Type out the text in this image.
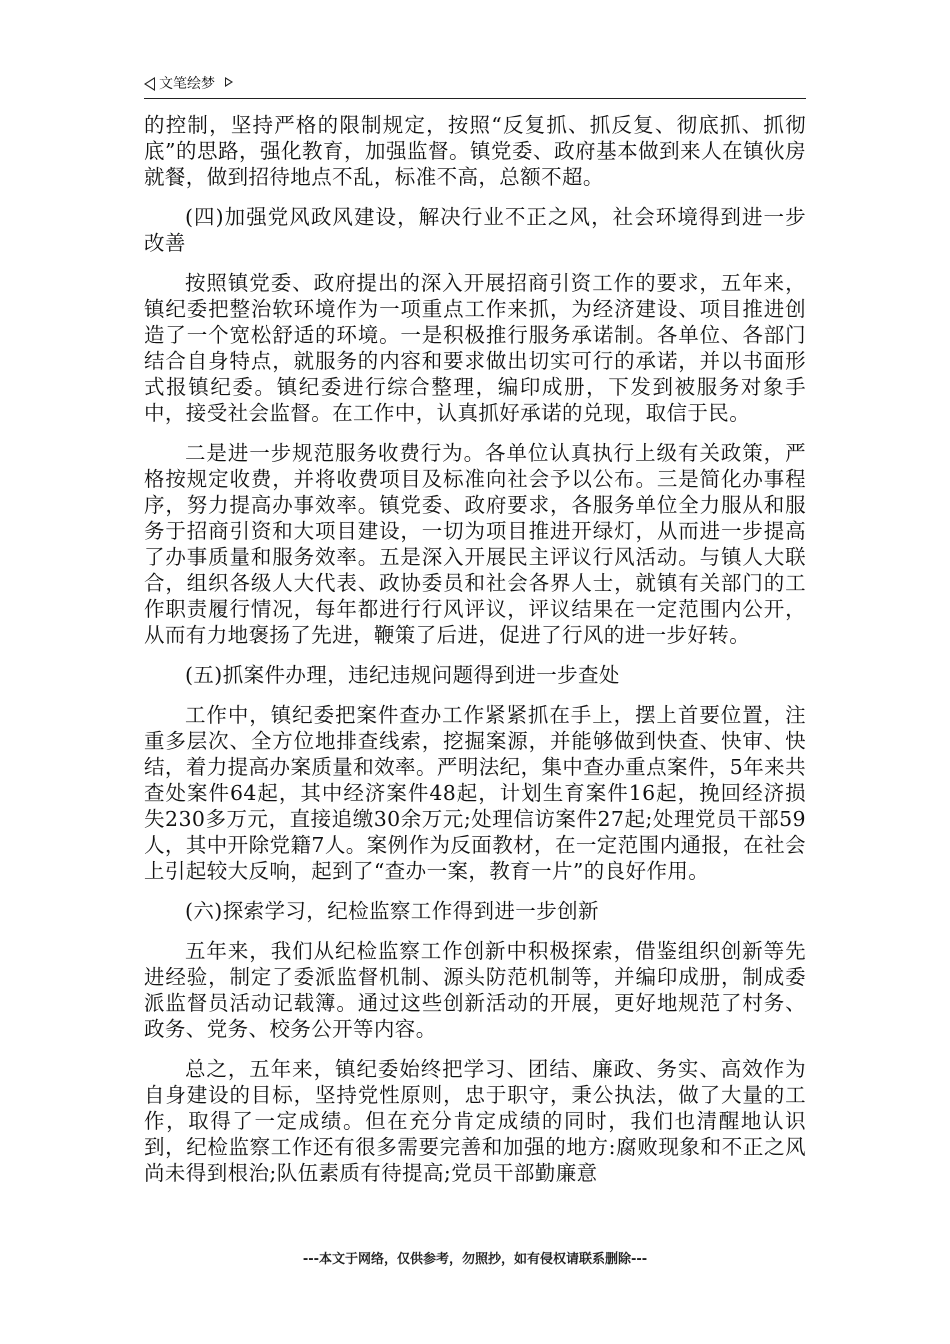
文笔绘梦

的控制，坚持严格的限制规定，按照“反复抓、抓反复、彻底抓、抓彻底”的思路，强化教育，加强监督。镇党委、政府基本做到来人在镇伙房就餐，做到招待地点不乱，标准不高，总额不超。

(四)加强党风政风建设，解决行业不正之风，社会环境得到进一步改善

按照镇党委、政府提出的深入开展招商引资工作的要求，五年来，镇纪委把整治软环境作为一项重点工作来抓，为经济建设、项目推进创造了一个宽松舒适的环境。一是积极推行服务承诺制。各单位、各部门结合自身特点，就服务的内容和要求做出切实可行的承诺，并以书面形式报镇纪委。镇纪委进行综合整理，编印成册，下发到被服务对象手中，接受社会监督。在工作中，认真抓好承诺的兑现，取信于民。

二是进一步规范服务收费行为。各单位认真执行上级有关政策，严格按规定收费，并将收费项目及标准向社会予以公布。三是简化办事程序，努力提高办事效率。镇党委、政府要求，各服务单位全力服从和服务于招商引资和大项目建设，一切为项目推进开绿灯，从而进一步提高了办事质量和服务效率。五是深入开展民主评议行风活动。与镇人大联合，组织各级人大代表、政协委员和社会各界人士，就镇有关部门的工作职责履行情况，每年都进行行风评议，评议结果在一定范围内公开，从而有力地褒扬了先进，鞭策了后进，促进了行风的进一步好转。

(五)抓案件办理，违纪违规问题得到进一步查处

工作中，镇纪委把案件查办工作紧紧抓在手上，摆上首要位置，注重多层次、全方位地排查线索，挖掘案源，并能够做到快查、快审、快结，着力提高办案质量和效率。严明法纪，集中查办重点案件，5年来共查处案件64起，其中经济案件48起，计划生育案件16起，挽回经济损失230多万元，直接追缴30余万元;处理信访案件27起;处理党员干部59人，其中开除党籍7人。案例作为反面教材，在一定范围内通报，在社会上引起较大反响，起到了“查办一案，教育一片”的良好作用。

(六)探索学习，纪检监察工作得到进一步创新

五年来，我们从纪检监察工作创新中积极探索，借鉴组织创新等先进经验，制定了委派监督机制、源头防范机制等，并编印成册，制成委派监督员活动记载簿。通过这些创新活动的开展，更好地规范了村务、政务、党务、校务公开等内容。

总之，五年来，镇纪委始终把学习、团结、廉政、务实、高效作为自身建设的目标，坚持党性原则，忠于职守，秉公执法，做了大量的工作，取得了一定成绩。但在充分肯定成绩的同时，我们也清醒地认识到，纪检监察工作还有很多需要完善和加强的地方:腐败现象和不正之风尚未得到根治;队伍素质有待提高;党员干部勤廉意

---本文于网络，仅供参考，勿照抄，如有侵权请联系删除---
